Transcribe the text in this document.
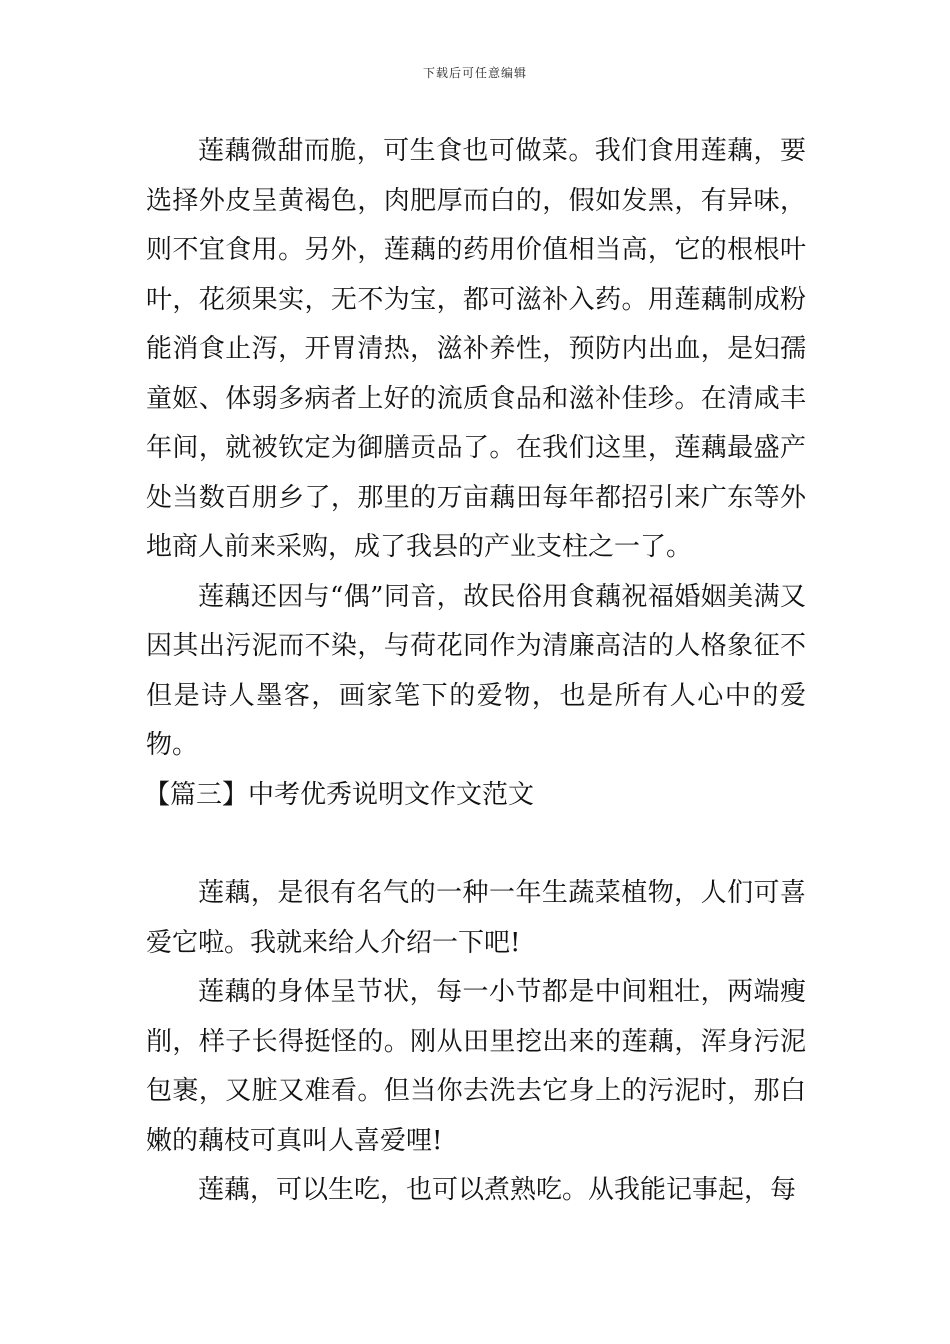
下载后可任意编辑

莲藕微甜而脆，可生食也可做菜。我们食用莲藕，要选择外皮呈黄褐色，肉肥厚而白的，假如发黑，有异味，则不宜食用。另外，莲藕的药用价值相当高，它的根根叶叶，花须果实，无不为宝，都可滋补入药。用莲藕制成粉能消食止泻，开胃清热，滋补养性，预防内出血，是妇孺童妪、体弱多病者上好的流质食品和滋补佳珍。在清咸丰年间，就被钦定为御膳贡品了。在我们这里，莲藕最盛产处当数百朋乡了，那里的万亩藕田每年都招引来广东等外地商人前来采购，成了我县的产业支柱之一了。

莲藕还因与“偶”同音，故民俗用食藕祝福婚姻美满又因其出污泥而不染，与荷花同作为清廉高洁的人格象征不但是诗人墨客，画家笔下的爱物，也是所有人心中的爱物。

【篇三】中考优秀说明文作文范文

莲藕，是很有名气的一种一年生蔬菜植物，人们可喜爱它啦。我就来给人介绍一下吧!

莲藕的身体呈节状，每一小节都是中间粗壮，两端瘦削，样子长得挺怪的。刚从田里挖出来的莲藕，浑身污泥包裹，又脏又难看。但当你去洗去它身上的污泥时，那白嫩的藕枝可真叫人喜爱哩!

莲藕，可以生吃，也可以煮熟吃。从我能记事起，每
